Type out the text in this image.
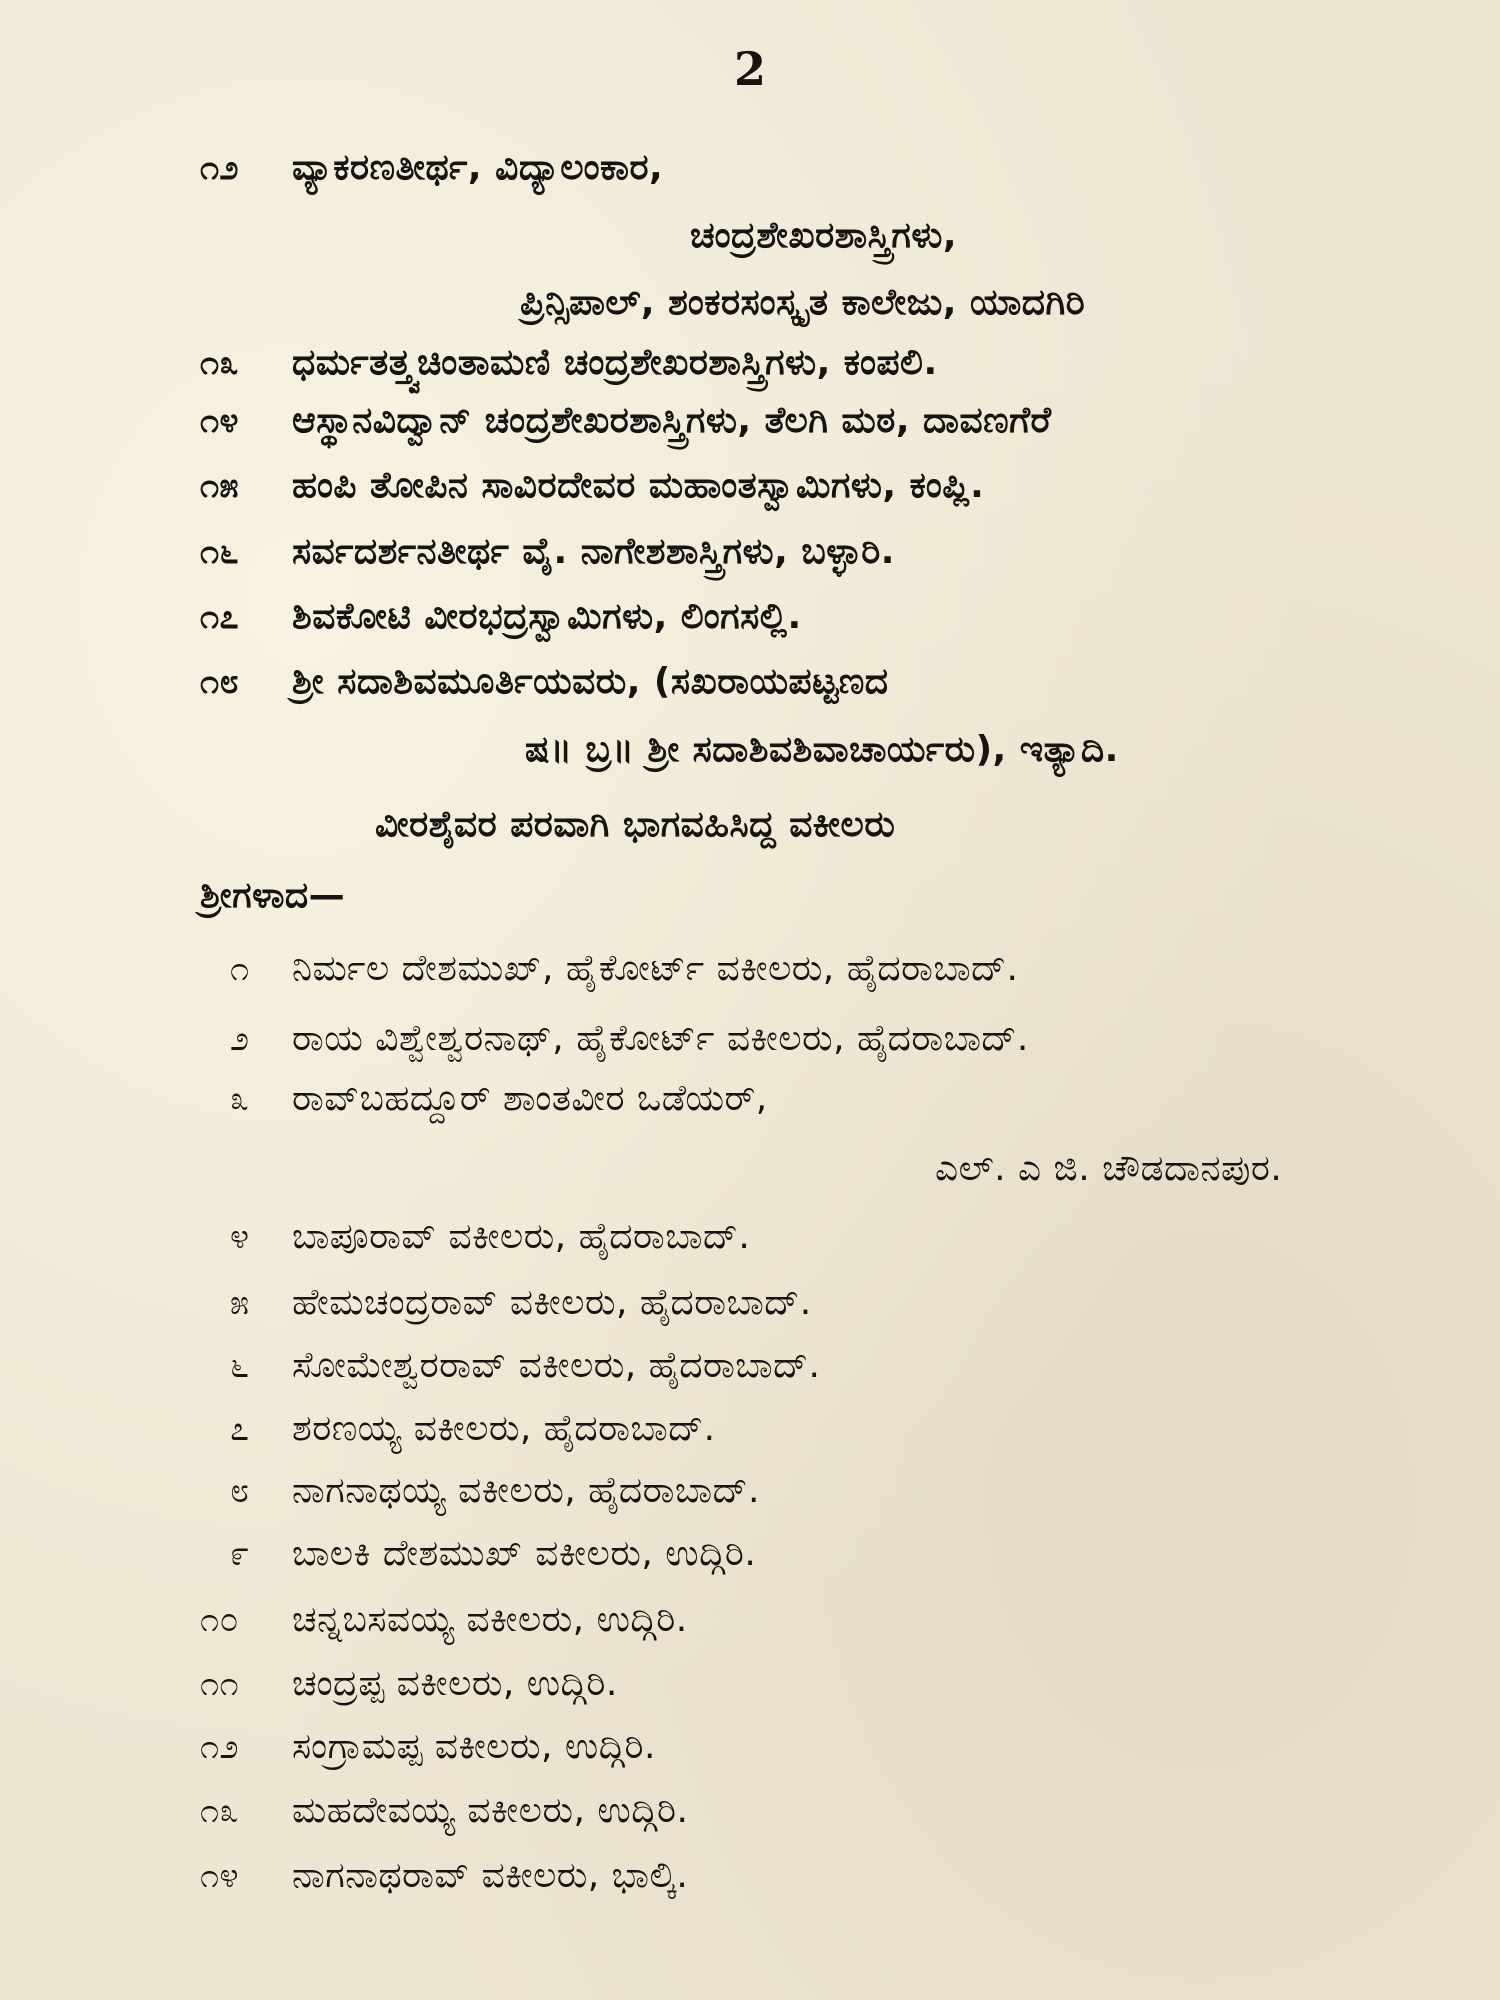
2
೧೨ ವ್ಯಾಕರಣತೀರ್ಥ, ವಿದ್ಯಾಲಂಕಾರ,
ಚಂದ್ರಶೇಖರಶಾಸ್ತ್ರಿಗಳು,
ಪ್ರಿನ್ಸಿಪಾಲ್, ಶಂಕರಸಂಸ್ಕೃತ ಕಾಲೇಜು, ಯಾದಗಿರಿ
೧೩ ಧರ್ಮತತ್ತ್ವಚಿಂತಾಮಣಿ ಚಂದ್ರಶೇಖರಶಾಸ್ತ್ರಿಗಳು, ಕಂಪಲಿ.
೧೪ ಆಸ್ಥಾನವಿದ್ವಾನ್ ಚಂದ್ರಶೇಖರಶಾಸ್ತ್ರಿಗಳು, ತೆಲಗಿ ಮಠ, ದಾವಣಗೆರೆ
೧೫ ಹಂಪಿ ತೋಪಿನ ಸಾವಿರದೇವರ ಮಹಾಂತಸ್ವಾಮಿಗಳು, ಕಂಪ್ಲಿ.
೧೬ ಸರ್ವದರ್ಶನತೀರ್ಥ ವೈ. ನಾಗೇಶಶಾಸ್ತ್ರಿಗಳು, ಬಳ್ಳಾರಿ.
೧೭ ಶಿವಕೋಟಿ ವೀರಭದ್ರಸ್ವಾಮಿಗಳು, ಲಿಂಗಸಲ್ಲಿ.
೧೮ ಶ್ರೀ ಸದಾಶಿವಮೂರ್ತಿಯವರು, (ಸಖರಾಯಪಟ್ಟಣದ
ಷ॥ ಬ್ರ॥ ಶ್ರೀ ಸದಾಶಿವಶಿವಾಚಾರ್ಯರು), ಇತ್ಯಾದಿ.
ವೀರಶೈವರ ಪರವಾಗಿ ಭಾಗವಹಿಸಿದ್ದ ವಕೀಲರು
ಶ್ರೀಗಳಾದ—
೧ ನಿರ್ಮಲ ದೇಶಮುಖ್, ಹೈಕೋರ್ಟ್ ವಕೀಲರು, ಹೈದರಾಬಾದ್.
೨ ರಾಯ ವಿಶ್ವೇಶ್ವರನಾಥ್, ಹೈಕೋರ್ಟ್ ವಕೀಲರು, ಹೈದರಾಬಾದ್.
೩ ರಾವ್‌ಬಹದ್ದೂರ್ ಶಾಂತವೀರ ಒಡೆಯರ್,
ಎಲ್. ಎ ಜಿ. ಚೌಡದಾನಪುರ.
೪ ಬಾಪೂರಾವ್ ವಕೀಲರು, ಹೈದರಾಬಾದ್.
೫ ಹೇಮಚಂದ್ರರಾವ್ ವಕೀಲರು, ಹೈದರಾಬಾದ್.
೬ ಸೋಮೇಶ್ವರರಾವ್ ವಕೀಲರು, ಹೈದರಾಬಾದ್.
೭ ಶರಣಯ್ಯ ವಕೀಲರು, ಹೈದರಾಬಾದ್.
೮ ನಾಗನಾಥಯ್ಯ ವಕೀಲರು, ಹೈದರಾಬಾದ್.
೯ ಬಾಲಕಿ ದೇಶಮುಖ್ ವಕೀಲರು, ಉದ್ಗಿರಿ.
೧೦ ಚನ್ನಬಸವಯ್ಯ ವಕೀಲರು, ಉದ್ಗಿರಿ.
೧೧ ಚಂದ್ರಪ್ಪ ವಕೀಲರು, ಉದ್ಗಿರಿ.
೧೨ ಸಂಗ್ರಾಮಪ್ಪ ವಕೀಲರು, ಉದ್ಗಿರಿ.
೧೩ ಮಹದೇವಯ್ಯ ವಕೀಲರು, ಉದ್ಗಿರಿ.
೧೪ ನಾಗನಾಥರಾವ್ ವಕೀಲರು, ಭಾಲ್ಕಿ.
